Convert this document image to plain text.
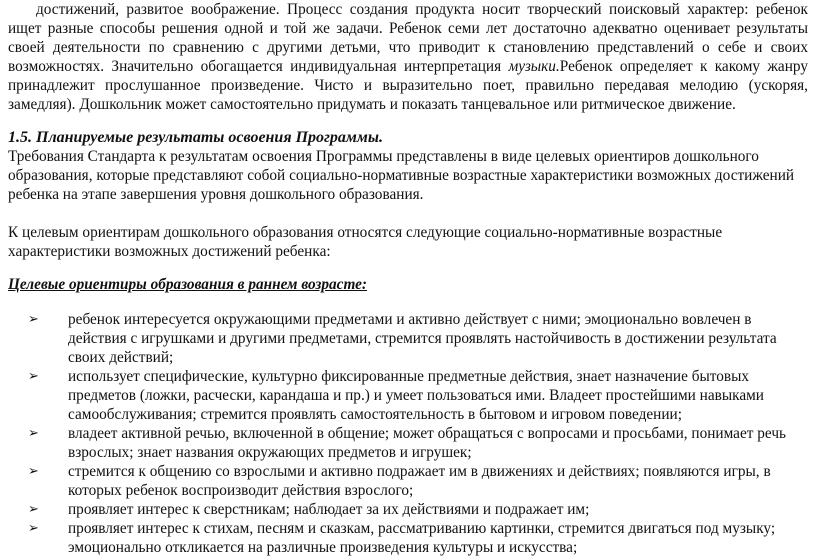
достижений, развитое воображение. Процесс создания продукта носит творческий поисковый характер: ребенок ищет разные способы решения одной и той же задачи. Ребенок семи лет достаточно адекватно оценивает результаты своей деятельности по сравнению с другими детьми, что приводит к становлению представлений о себе и своих возможностях. Значительно обогащается индивидуальная интерпретация музыки.Ребенок определяет к какому жанру принадлежит прослушанное произведение. Чисто и выразительно поет, правильно передавая мелодию (ускоряя, замедляя). Дошкольник может самостоятельно придумать и показать танцевальное или ритмическое движение.

1.5. Планируемые результаты освоения Программы.

Требования Стандарта к результатам освоения Программы представлены в виде целевых ориентиров дошкольного образования, которые представляют собой социально-нормативные возрастные характеристики возможных достижений ребенка на этапе завершения уровня дошкольного образования.

К целевым ориентирам дошкольного образования относятся следующие социально-нормативные возрастные характеристики возможных достижений ребенка:

Целевые ориентиры образования в раннем возрасте:
➢ ребенок интересуется окружающими предметами и активно действует с ними; эмоционально вовлечен в действия с игрушками и другими предметами, стремится проявлять настойчивость в достижении результата своих действий;
➢ использует специфические, культурно фиксированные предметные действия, знает назначение бытовых предметов (ложки, расчески, карандаша и пр.) и умеет пользоваться ими. Владеет простейшими навыками самообслуживания; стремится проявлять самостоятельность в бытовом и игровом поведении;
➢ владеет активной речью, включенной в общение; может обращаться с вопросами и просьбами, понимает речь взрослых; знает названия окружающих предметов и игрушек;
➢ стремится к общению со взрослыми и активно подражает им в движениях и действиях; появляются игры, в которых ребенок воспроизводит действия взрослого;
➢ проявляет интерес к сверстникам; наблюдает за их действиями и подражает им;
➢ проявляет интерес к стихам, песням и сказкам, рассматриванию картинки, стремится двигаться под музыку; эмоционально откликается на различные произведения культуры и искусства;
